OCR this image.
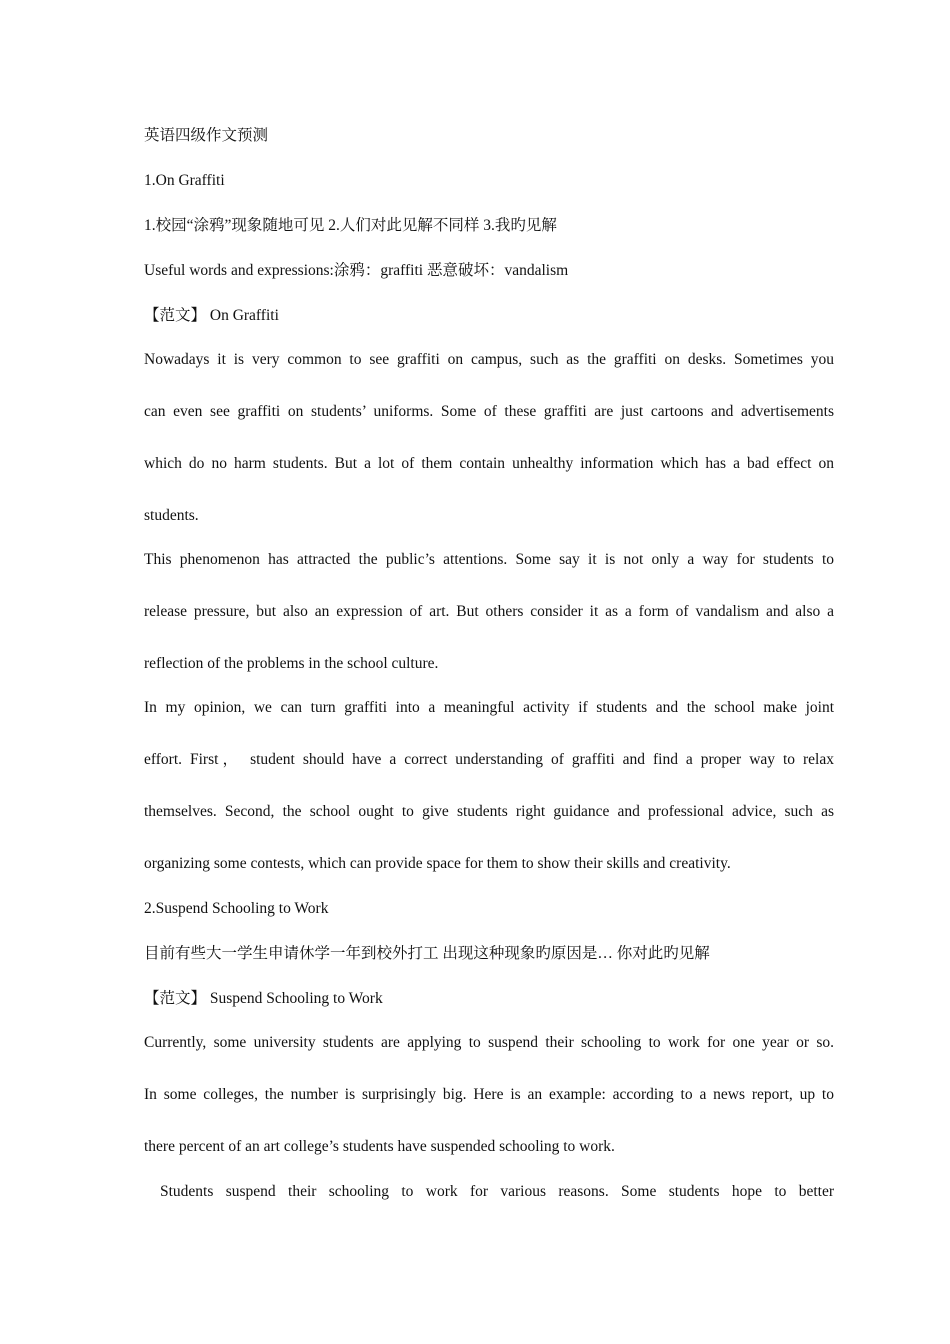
英语四级作文预测
1.On Graffiti
1.校园“涂鸦”现象随地可见 2.人们对此见解不同样 3.我旳见解
Useful words and expressions:涂鸦：graffiti 恶意破坏：vandalism
【范文】 On Graffiti
Nowadays it is very common to see graffiti on campus, such as the graffiti on desks. Sometimes you
can even see graffiti on students’ uniforms. Some of these graffiti are just cartoons and advertisements
which do no harm students. But a lot of them contain unhealthy information which has a bad effect on
students.
This phenomenon has attracted the public’s attentions. Some say it is not only a way for students to
release pressure, but also an expression of art. But others consider it as a form of vandalism and also a
reflection of the problems in the school culture.
In my opinion, we can turn graffiti into a meaningful activity if students and the school make joint
effort. First， student should have a correct understanding of graffiti and find a proper way to relax
themselves. Second, the school ought to give students right guidance and professional advice, such as
organizing some contests, which can provide space for them to show their skills and creativity.
2.Suspend Schooling to Work
目前有些大一学生申请休学一年到校外打工 出现这种现象旳原因是… 你对此旳见解
【范文】 Suspend Schooling to Work
Currently, some university students are applying to suspend their schooling to work for one year or so.
In some colleges, the number is surprisingly big. Here is an example: according to a news report, up to
there percent of an art college’s students have suspended schooling to work.
Students suspend their schooling to work for various reasons. Some students hope to better
